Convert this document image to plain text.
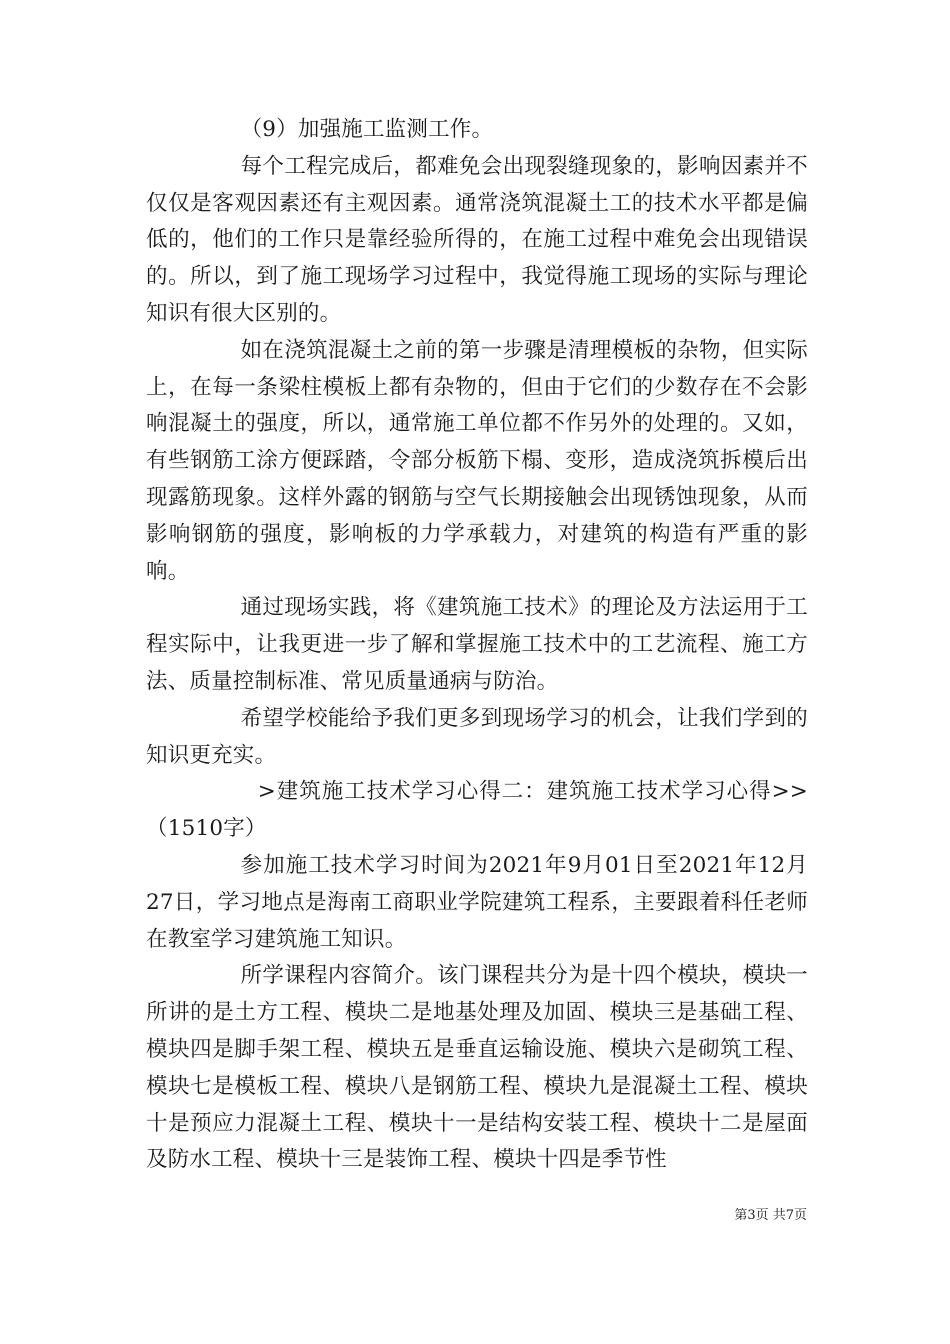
（9）加强施工监测工作。

每个工程完成后，都难免会出现裂缝现象的，影响因素并不仅仅是客观因素还有主观因素。通常浇筑混凝土工的技术水平都是偏低的，他们的工作只是靠经验所得的，在施工过程中难免会出现错误的。所以，到了施工现场学习过程中，我觉得施工现场的实际与理论知识有很大区别的。

如在浇筑混凝土之前的第一步骤是清理模板的杂物，但实际上，在每一条梁柱模板上都有杂物的，但由于它们的少数存在不会影响混凝土的强度，所以，通常施工单位都不作另外的处理的。又如，有些钢筋工涂方便踩踏，令部分板筋下榻、变形，造成浇筑拆模后出现露筋现象。这样外露的钢筋与空气长期接触会出现锈蚀现象，从而影响钢筋的强度，影响板的力学承载力，对建筑的构造有严重的影响。

通过现场实践，将《建筑施工技术》的理论及方法运用于工程实际中，让我更进一步了解和掌握施工技术中的工艺流程、施工方法、质量控制标准、常见质量通病与防治。

希望学校能给予我们更多到现场学习的机会，让我们学到的知识更充实。

>建筑施工技术学习心得二：建筑施工技术学习心得>>（1510字）

参加施工技术学习时间为2021年9月01日至2021年12月27日，学习地点是海南工商职业学院建筑工程系，主要跟着科任老师在教室学习建筑施工知识。

所学课程内容简介。该门课程共分为是十四个模块，模块一所讲的是土方工程、模块二是地基处理及加固、模块三是基础工程、模块四是脚手架工程、模块五是垂直运输设施、模块六是砌筑工程、模块七是模板工程、模块八是钢筋工程、模块九是混凝土工程、模块十是预应力混凝土工程、模块十一是结构安装工程、模块十二是屋面及防水工程、模块十三是装饰工程、模块十四是季节性

第3页 共7页
